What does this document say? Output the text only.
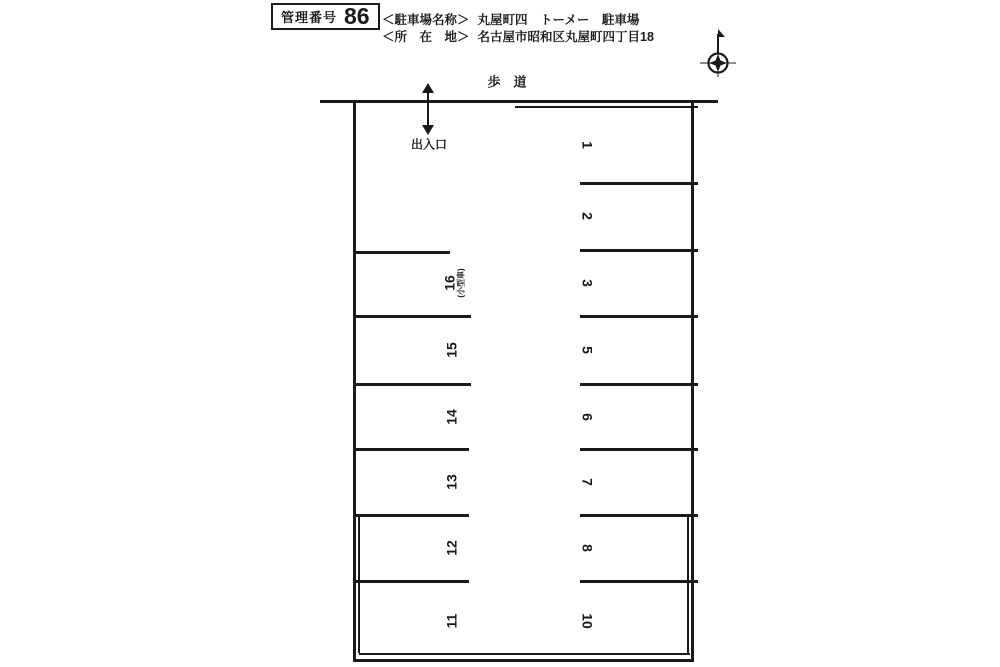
管理番号 86 ＜駐車場名称＞ 丸屋町四　トーメー　駐車場
＜所　在　地＞ 名古屋市昭和区丸屋町四丁目18
歩　道
出入口	1
2
3
5
6
7
8
10
16
(小型車)
15
14
13
12
11
